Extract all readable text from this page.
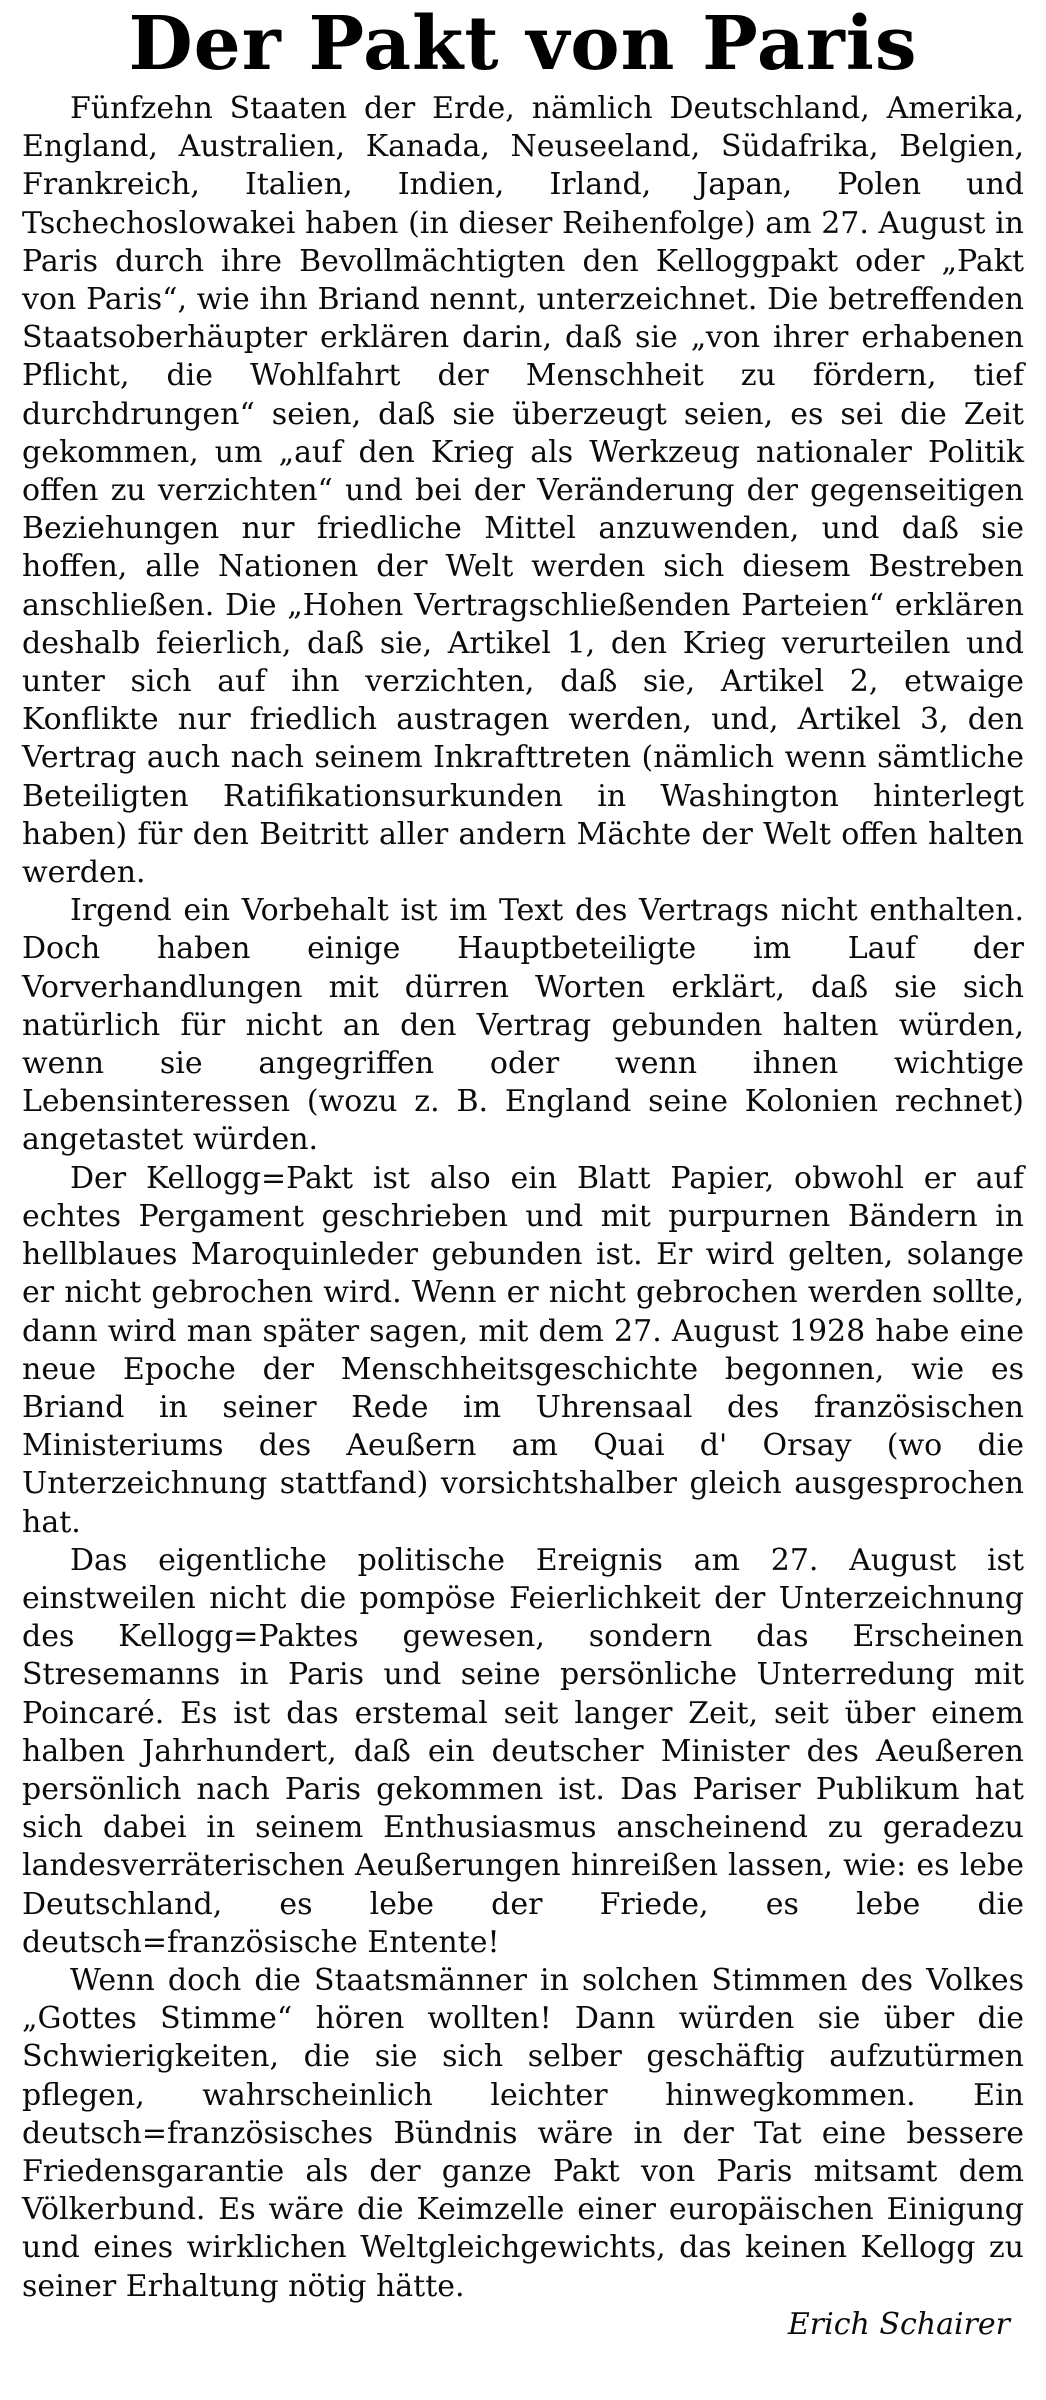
Der Pakt von Paris

Fünfzehn Staaten der Erde, nämlich Deutschland, Amerika, England, Australien, Kanada, Neuseeland, Südafrika, Belgien, Frankreich, Italien, Indien, Irland, Japan, Polen und Tschechoslowakei haben (in dieser Reihenfolge) am 27. August in Paris durch ihre Bevollmächtigten den Kelloggpakt oder „Pakt von Paris“, wie ihn Briand nennt, unterzeichnet. Die betreffenden Staatsoberhäupter erklären darin, daß sie „von ihrer erhabenen Pflicht, die Wohlfahrt der Menschheit zu fördern, tief durchdrungen“ seien, daß sie überzeugt seien, es sei die Zeit gekommen, um „auf den Krieg als Werkzeug nationaler Politik offen zu verzichten“ und bei der Veränderung der gegenseitigen Beziehungen nur friedliche Mittel anzuwenden, und daß sie hoffen, alle Nationen der Welt werden sich diesem Bestreben anschließen. Die „Hohen Vertragschließenden Parteien“ erklären deshalb feierlich, daß sie, Artikel 1, den Krieg verurteilen und unter sich auf ihn verzichten, daß sie, Artikel 2, etwaige Konflikte nur friedlich austragen werden, und, Artikel 3, den Vertrag auch nach seinem Inkrafttreten (nämlich wenn sämtliche Beteiligten Ratifikationsurkunden in Washington hinterlegt haben) für den Beitritt aller andern Mächte der Welt offen halten werden.

Irgend ein Vorbehalt ist im Text des Vertrags nicht enthalten. Doch haben einige Hauptbeteiligte im Lauf der Vorverhandlungen mit dürren Worten erklärt, daß sie sich natürlich für nicht an den Vertrag gebunden halten würden, wenn sie angegriffen oder wenn ihnen wichtige Lebensinteressen (wozu z. B. England seine Kolonien rechnet) angetastet würden.

Der Kellogg=Pakt ist also ein Blatt Papier, obwohl er auf echtes Pergament geschrieben und mit purpurnen Bändern in hellblaues Maroquinleder gebunden ist. Er wird gelten, solange er nicht gebrochen wird. Wenn er nicht gebrochen werden sollte, dann wird man später sagen, mit dem 27. August 1928 habe eine neue Epoche der Menschheitsgeschichte begonnen, wie es Briand in seiner Rede im Uhrensaal des französischen Ministeriums des Aeußern am Quai d' Orsay (wo die Unterzeichnung stattfand) vorsichtshalber gleich ausgesprochen hat.

Das eigentliche politische Ereignis am 27. August ist einstweilen nicht die pompöse Feierlichkeit der Unterzeichnung des Kellogg=Paktes gewesen, sondern das Erscheinen Stresemanns in Paris und seine persönliche Unterredung mit Poincaré. Es ist das erstemal seit langer Zeit, seit über einem halben Jahrhundert, daß ein deutscher Minister des Aeußeren persönlich nach Paris gekommen ist. Das Pariser Publikum hat sich dabei in seinem Enthusiasmus anscheinend zu geradezu landesverräterischen Aeußerungen hinreißen lassen, wie: es lebe Deutschland, es lebe der Friede, es lebe die deutsch=französische Entente!

Wenn doch die Staatsmänner in solchen Stimmen des Volkes „Gottes Stimme“ hören wollten! Dann würden sie über die Schwierigkeiten, die sie sich selber geschäftig aufzutürmen pflegen, wahrscheinlich leichter hinwegkommen. Ein deutsch=französisches Bündnis wäre in der Tat eine bessere Friedensgarantie als der ganze Pakt von Paris mitsamt dem Völkerbund. Es wäre die Keimzelle einer europäischen Einigung und eines wirklichen Weltgleichgewichts, das keinen Kellogg zu seiner Erhaltung nötig hätte.

Erich Schairer
